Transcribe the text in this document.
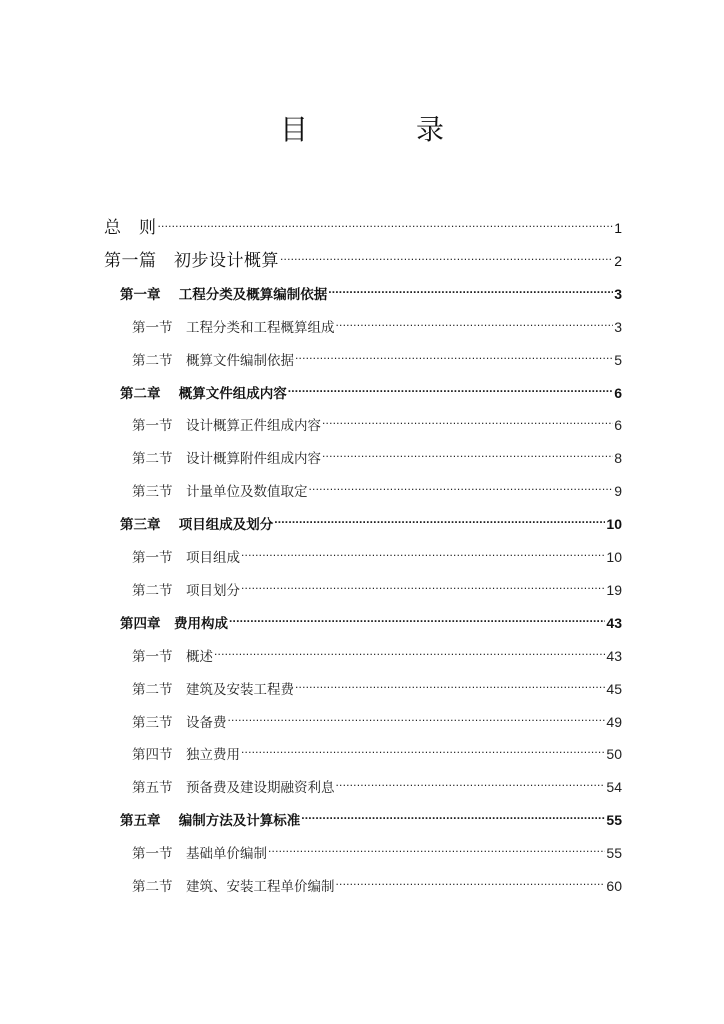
目　录
总　则 .....	1
第一篇　初步设计概算 .....	2
第一章　 工程分类及概算编制依据 .....	3
第一节　工程分类和工程概算组成 .....	3
第二节　概算文件编制依据 .....	5
第二章　 概算文件组成内容 .....	6
第一节　设计概算正件组成内容 .....	6
第二节　设计概算附件组成内容 .....	8
第三节　计量单位及数值取定 .....	9
第三章　 项目组成及划分 .....	10
第一节　项目组成 .....	10
第二节　项目划分 .....	19
第四章　费用构成 .....	43
第一节　概述 .....	43
第二节　建筑及安装工程费 .....	45
第三节　设备费 .....	49
第四节　独立费用 .....	50
第五节　预备费及建设期融资利息 .....	54
第五章　 编制方法及计算标准 .....	55
第一节　基础单价编制 .....	55
第二节　建筑、安装工程单价编制 .....	60
